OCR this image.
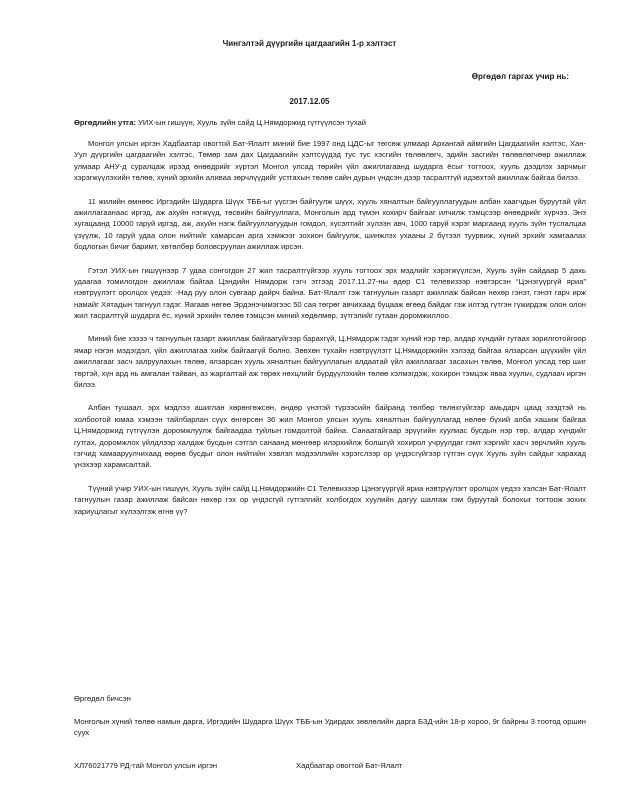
Чингэлтэй дүүргийн цагдаагийн 1-р хэлтэст
Өргөдөл гаргах учир нь:
2017.12.05
Өргөдлийн утга: УИХ-ын гишүүн, Хууль зүйн сайд Ц.Нямдоржид гүтгүүлсэн тухай

Монгол улсын иргэн Хадбаатар овогтой Бат-Ялалт миний бие 1997 онд ЦДС-ыг төгсөж улмаар Архангай аймгийн Цагдаагийн хэлтэс, Хан-Уул дүүргийн цагдаагийн хэлтэс, Төмөр зам дах Цагдаагийн хэлтсүүдэд тус тус хэсгийн төлөөлөгч, эдийн засгийн төлөөлөгчөөр ажиллаж улмаар АНУ-д суралцаж ирээд өнөөдрийг хүртэл Монгол улсад төрийн үйл ажиллагаанд шударга ёсыг тогтоох, хууль дээдлэх зарчмыг хэрэгжүүлэхийн төлөө, хүний эрхийн аливаа зөрчлүүдийг устгахын төлөө сайн дурын үндсэн дээр тасралтгүй идэвхтэй ажиллаж байгаа билээ.

11 жилийн өмнөөс Иргэдийн Шударга Шүүх ТББ-ыг үүсгэн байгуулж шүүх, хууль хяналтын байгууллагуудын албан хаагчдын буруутай үйл ажиллагаанаас иргэд, аж ахуйн нэгжүүд, төсвийн байгууллага, Монголын ард түмэн хохирч байгааг илчилж тэмцсээр өнөөдрийг хүрчээ. Энэ хугацаанд 10000 гаруй иргэд, аж, ахуйн нэгж байгууллагуудын гомдол, хүсэлтийг хүлээн авч, 1000 гаруй хэрэг маргаанд хууль зүйн туслалцаа үзүүлж, 10 гаруй удаа олон нийтийг хамарсан арга хэмжээг зохион байгуулж, шинжлэх ухааны 2 бүтээл туурвиж, хүний эрхийг хамгаалах бодлогын бичиг баримт, хөтөлбөр боловсруулан ажиллаж ирсэн.

Гэтэл УИХ-ын гишүүнээр 7 удаа сонгогдон 27 жил тасралтгүйгээр хууль тогтоох эрх мэдлийг хэрэгжүүлсэн, Хууль зүйн сайдаар 5 дахь удаагаа томилогдон ажиллаж байгаа Цэндийн Нямдорж гэгч этгээд 2017.11.27-ны өдөр С1 телевизээр нэвтэрсэн “Цэнэгүүргүй яриа” нэвтрүүлэгт оролцох үедээ: -Над руу олон сувгаар дайрч байна. Бат-Ялалт гэж тагнуулын газарт ажиллаж байсан нөхөр гэнэт, гэнэт гарч ирж намайг Хятадын тагнуул гэдэг. Яагаав нөгөө Эрдэнэчимэгээс 50 сая төгрөг авчихаад буцааж өгөөд байдаг гэж илтэд гүтгэн гүжирдэж олон олон жил тасралтгүй шударга ёс, хүний эрхийн төлөө тэмцсэн миний хөдөлмөр, зүтгэлийг гутаан доромжиллоо.

Миний бие хэзээ ч тагнуулын газарт ажиллаж байгаагүйгээр барахгүй, Ц.Нямдорж гэдэг хүний нэр төр, алдар хүндийг гутаах зорилготойгоор ямар нэгэн мэдэгдэл, үйл ажиллагаа хийж байгаагүй болно. Зөвхөн тухайн нэвтрүүлэгт Ц.Нямдоржийн хэлээд байгаа ялзарсан шүүхийн үйл ажиллагааг засч залруулахын төлөө, ялзарсан хууль хяналтын байгууллагын алдаатай үйл ажиллагааг засахын төлөө, Монгол улсад төр шиг төртэй, хүн ард нь амгалан тайван, аз жаргалтай аж төрөх нөхцлийг бүрдүүлэхийн төлөө хэлмэгдэж, хохирон тэмцэж яваа хуульч, судлаач иргэн билээ.

Албан тушаал, эрх мэдлээ ашиглан хөрөнгөжсөн, өндөр үнэтэй түрээсийн байранд төлбөр төлөхгүйгээр амьдарч цаад зээдтэй нь холбоотой юмаа хэмээн тайлбарлан сүүх өнгөрсөн 36 жил Монгол улсын хууль хяналтын байгууллагад нөлөө бүхий алба хашиж байгаа Ц.Нямдоржид гүтгүүлэн доромжлуулж байгаадаа туйлын гомдолтой байна. Санаатайгаар эрүүгийн хуулиас бусдын нэр төр, алдар хүндийг гутгах, доромжлох үйлдлээр халдаж бусдын сэтгэл санаанд мөнгөөр илэрхийлж болшгүй хохирол учруулдаг гэмт хэргийг хасч зөрчлийн хууль гэгчид хамааруулчихаад өөрөө бусдыг олон нийтийн хэвлэл мэдээллийн хэрэгслээр ор үндэсгүйгээр гүтгэн сүүх Хууль зүйн сайдыг харахад үнэхээр харамсалтай.

Түүний учир УИХ-ын гишүүн, Хууль зүйн сайд Ц.Нямдоржийн С1 Телевизээр Цэнэгүүргүй яриа нэвтрүүлэгт оролцох үедээ хэлсэн Бат-Ялалт тагнуулын газар ажиллаж байсан нөхөр гэх ор үндэсгүй гүтгэлгийг холбогдох хуулийн дагуу шалгаж гэм буруутай болохыг тогтоож зохих хариуцлагыг хүлээлгэж өгнө үү?

Өргөдөл бичсэн
Монголын хүний төлөө намын дарга, Иргэдийн Шударга Шүүх ТББ-ын Удирдах зөвлөлийн дарга БЗД-ийн 18-р хороо, 9г байрны 3 тоотод оршин суух
ХЛ76021779 РД-тай Монгол улсын иргэн	Хадбаатар овогтой Бат-Ялалт
